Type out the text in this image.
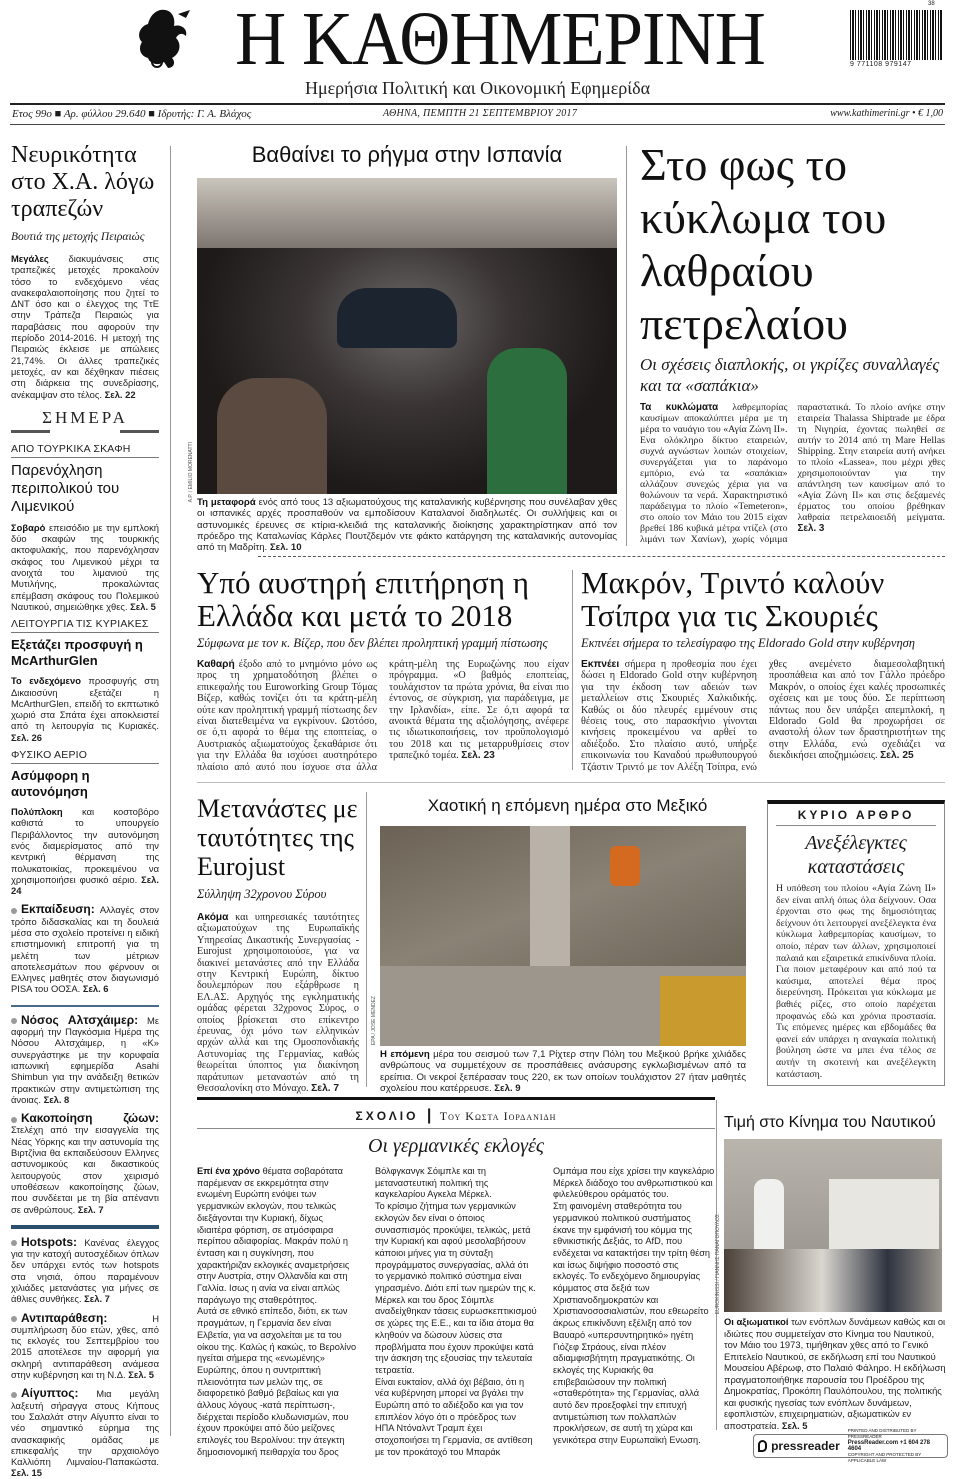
Η ΚΑΘΗΜΕΡΙΝΗ	38
9 771108 979147
Ημερήσια Πολιτική και Οικονομική Εφημερίδα
Ετος 99ο ■ Αρ. φύλλου 29.640 ■ Ιδρυτής: Γ. Α. Βλάχος	ΑΘΗΝΑ, ΠΕΜΠΤΗ 21 ΣΕΠΤΕΜΒΡΙΟΥ 2017	www.kathimerini.gr • € 1,00
Νευρικότητα στο Χ.Α. λόγω τραπεζών
Βουτιά της μετοχής Πειραιώς

Μεγάλες διακυμάνσεις στις τραπεζικές μετοχές προκαλούν τόσο το ενδεχόμενο νέας ανακεφαλαιοποίησης που ζητεί το ΔΝΤ όσο και ο έλεγχος της ΤτΕ στην Τράπεζα Πειραιώς για παραβάσεις που αφορούν την περίοδο 2014-2016. Η μετοχή της Πειραιώς έκλεισε με απώλειες 21,74%. Οι άλλες τραπεζικές μετοχές, αν και δέχθηκαν πιέσεις στη διάρκεια της συνεδρίασης, ανέκαμψαν στο τέλος. Σελ. 22

ΣΗΜΕΡΑ
ΑΠΟ ΤΟΥΡΚΙΚΑ ΣΚΑΦΗ
Παρενόχληση περιπολικού του Λιμενικού

Σοβαρό επεισόδιο με την εμπλοκή δύο σκαφών της τουρκικής ακτοφυλακής, που παρενόχλησαν σκάφος του Λιμενικού μέχρι τα ανοιχτά του λιμανιού της Μυτιλήνης, προκαλώντας επέμβαση σκάφους του Πολεμικού Ναυτικού, σημειώθηκε χθες. Σελ. 5

ΛΕΙΤΟΥΡΓΙΑ ΤΙΣ ΚΥΡΙΑΚΕΣ
Εξετάζει προσφυγή η McArthurGlen

Το ενδεχόμενο προσφυγής στη Δικαιοσύνη εξετάζει η McArthurGlen, επειδή το εκπτωτικό χωριό στα Σπάτα έχει αποκλειστεί από τη λειτουργία τις Κυριακές. Σελ. 26

ΦΥΣΙΚΟ ΑΕΡΙΟ
Ασύμφορη η αυτονόμηση

Πολύπλοκη και κοστοβόρο καθιστά το υπουργείο Περιβάλλοντος την αυτονόμηση ενός διαμερίσματος από την κεντρική θέρμανση της πολυκατοικίας, προκειμένου να χρησιμοποιήσει φυσικό αέριο. Σελ. 24

Εκπαίδευση: Αλλαγές στον τρόπο διδασκαλίας και τη δουλειά μέσα στο σχολείο προτείνει η ειδική επιστημονική επιτροπή για τη μελέτη των μέτριων αποτελεσμάτων που φέρνουν οι Ελληνες μαθητές στον διαγωνισμό PISA του ΟΟΣΑ. Σελ. 6

Νόσος Αλτσχάιμερ: Με αφορμή την Παγκόσμια Ημέρα της Νόσου Αλτσχάιμερ, η «Κ» συνεργάστηκε με την κορυφαία ιαπωνική εφημερίδα Asahi Shimbun για την ανάδειξη θετικών πρακτικών στην αντιμετώπιση της άνοιας. Σελ. 8

Κακοποίηση ζώων: Στελέχη από την εισαγγελία της Νέας Υόρκης και την αστυνομία της Βιρτζίνια θα εκπαιδεύσουν Ελληνες αστυνομικούς και δικαστικούς λειτουργούς στον χειρισμό υποθέσεων κακοποίησης ζώων, που συνδέεται με τη βία απέναντι σε ανθρώπους. Σελ. 7

Hotspots: Κανένας έλεγχος για την κατοχή αυτοσχέδιων όπλων δεν υπάρχει εντός των hotspots στα νησιά, όπου παραμένουν χιλιάδες μετανάστες για μήνες σε άθλιες συνθήκες. Σελ. 7

Αντιπαράθεση: Η συμπλήρωση δύο ετών, χθες, από τις εκλογές του Σεπτεμβρίου του 2015 αποτέλεσε την αφορμή για σκληρή αντιπαράθεση ανάμεσα στην κυβέρνηση και τη Ν.Δ. Σελ. 5

Αίγυπτος: Μια μεγάλη λαξευτή σήραγγα στους Κήπους του Σαλαλάτ στην Αίγυπτο είναι το νέο σημαντικό εύρημα της ανασκαφικής ομάδας με επικεφαλής την αρχαιολόγο Καλλιόπη Λιμναίου-Παπακώστα. Σελ. 15

Βαθαίνει το ρήγμα στην Ισπανία
A.P. / EMILIO MORENATTI

Τη μεταφορά ενός από τους 13 αξιωματούχους της καταλανικής κυβέρνησης που συνέλαβαν χθες οι ισπανικές αρχές προσπαθούν να εμποδίσουν Καταλανοί διαδηλωτές. Οι συλλήψεις και οι αστυνομικές έρευνες σε κτίρια-κλειδιά της καταλανικής διοίκησης χαρακτηρίστηκαν από τον πρόεδρο της Καταλωνίας Κάρλες Πουτζδεμόν ντε φάκτο κατάργηση της καταλανικής αυτονομίας από τη Μαδρίτη. Σελ. 10

Στο φως το κύκλωμα του λαθραίου πετρελαίου
Οι σχέσεις διαπλοκής, οι γκρίζες συναλλαγές και τα «σαπάκια»

Τα κυκλώματα λαθρεμπορίας καυσίμων αποκαλύπτει μέρα με τη μέρα το ναυάγιο του «Αγία Ζώνη ΙΙ». Ενα ολόκληρο δίκτυο εταιρειών, συχνά αγνώστων λοιπών στοιχείων, συνεργάζεται για το παράνομο εμπόριο, ενώ τα «σαπάκια» αλλάζουν συνεχώς χέρια για να θολώνουν τα νερά. Χαρακτηριστικό παράδειγμα το πλοίο «Temeteron», στο οποίο τον Μάιο του 2015 είχαν βρεθεί 186 κυβικά μέτρα ντίζελ (στο λιμάνι των Χανίων), χωρίς νόμιμα παραστατικά. Το πλοίο ανήκε στην εταιρεία Thalassa Shiptrade με έδρα τη Νιγηρία, έχοντας πωληθεί σε αυτήν το 2014 από τη Mare Hellas Shipping. Στην εταιρεία αυτή ανήκει το πλοίο «Lassea», που μέχρι χθες χρησιμοποιούνταν για την απάντληση των καυσίμων από το «Αγία Ζώνη ΙΙ» και στις δεξαμενές έρματος του οποίου βρέθηκαν λαθραία πετρελαιοειδή μείγματα. Σελ. 3

Υπό αυστηρή επιτήρηση η Ελλάδα και μετά το 2018
Σύμφωνα με τον κ. Βίζερ, που δεν βλέπει προληπτική γραμμή πίστωσης

Καθαρή έξοδο από το μνημόνιο μόνο ως προς τη χρηματοδότηση βλέπει ο επικεφαλής του Euroworking Group Τόμας Βίζερ, καθώς τονίζει ότι τα κράτη-μέλη ούτε καν προληπτική γραμμή πίστωσης δεν είναι διατεθειμένα να εγκρίνουν. Ωστόσο, σε ό,τι αφορά το θέμα της εποπτείας, ο Αυστριακός αξιωματούχος ξεκαθάρισε ότι για την Ελλάδα θα ισχύσει αυστηρότερο πλαίσιο από αυτό που ίσχυσε στα άλλα κράτη-μέλη της Ευρωζώνης που είχαν πρόγραμμα. «Ο βαθμός εποπτείας, τουλάχιστον τα πρώτα χρόνια, θα είναι πιο έντονος, σε σύγκριση, για παράδειγμα, με την Ιρλανδία», είπε. Σε ό,τι αφορά τα ανοικτά θέματα της αξιολόγησης, ανέφερε τις ιδιωτικοποιήσεις, τον προϋπολογισμό του 2018 και τις μεταρρυθμίσεις στον τραπεζικό τομέα. Σελ. 23

Μακρόν, Τριντό καλούν Τσίπρα για τις Σκουριές
Εκπνέει σήμερα το τελεσίγραφο της Eldorado Gold στην κυβέρνηση

Εκπνέει σήμερα η προθεσμία που έχει δώσει η Eldorado Gold στην κυβέρνηση για την έκδοση των αδειών των μεταλλείων στις Σκουριές Χαλκιδικής. Καθώς οι δύο πλευρές εμμένουν στις θέσεις τους, στο παρασκήνιο γίνονται κινήσεις προκειμένου να αρθεί το αδιέξοδο. Στο πλαίσιο αυτό, υπήρξε επικοινωνία του Καναδού πρωθυπουργού Τζάστιν Τριντό με τον Αλέξη Τσίπρα, ενώ χθες ανεμένετο διαμεσολαβητική προσπάθεια και από τον Γάλλο πρόεδρο Μακρόν, ο οποίος έχει καλές προσωπικές σχέσεις και με τους δύο. Σε περίπτωση πάντως που δεν υπάρξει απεμπλοκή, η Eldorado Gold θα προχωρήσει σε αναστολή όλων των δραστηριοτήτων της στην Ελλάδα, ενώ σχεδιάζει να διεκδικήσει αποζημιώσεις. Σελ. 25

Μετανάστες με ταυτότητες της Eurojust
Σύλληψη 32χρονου Σύρου

Ακόμα και υπηρεσιακές ταυτότητες αξιωματούχων της Ευρωπαϊκής Υπηρεσίας Δικαστικής Συνεργασίας - Eurojust χρησιμοποιούσε, για να διακινεί μετανάστες από την Ελλάδα στην Κεντρική Ευρώπη, δίκτυο δουλεμπόρων που εξάρθρωσε η ΕΛ.ΑΣ. Αρχηγός της εγκληματικής ομάδας φέρεται 32χρονος Σύρος, ο οποίος βρίσκεται στο επίκεντρο έρευνας, όχι μόνο των ελληνικών αρχών αλλά και της Ομοσπονδιακής Αστυνομίας της Γερμανίας, καθώς θεωρείται ύποπτος για διακίνηση παράτυπων μεταναστών από τη Θεσσαλονίκη στο Μόναχο. Σελ. 7

Χαοτική η επόμενη ημέρα στο Μεξικό
EPA / JOSE MENDEZ

Η επόμενη μέρα του σεισμού των 7,1 Ρίχτερ στην Πόλη του Μεξικού βρήκε χιλιάδες ανθρώπους να συμμετέχουν σε προσπάθειες ανάσυρσης εγκλωβισμένων από τα ερείπια. Οι νεκροί ξεπέρασαν τους 220, εκ των οποίων τουλάχιστον 27 ήταν μαθητές σχολείου που κατέρρευσε. Σελ. 9

ΚΥΡΙΟ ΑΡΘΡΟ
Ανεξέλεγκτες καταστάσεις

Η υπόθεση του πλοίου «Αγία Ζώνη ΙΙ» δεν είναι απλή όπως όλα δείχνουν. Οσα έρχονται στο φως της δημοσιότητας δείχνουν ότι λειτουργεί ανεξέλεγκτα ένα κύκλωμα λαθρεμπορίας καυσίμων, το οποίο, πέραν των άλλων, χρησιμοποιεί παλαιά και εξαιρετικά επικίνδυνα πλοία. Για ποιον μεταφέρουν και από πού τα καύσιμα, αποτελεί θέμα προς διερεύνηση. Πρόκειται για κύκλωμα με βαθιές ρίζες, στο οποίο παρέχεται προφανώς εδώ και χρόνια προστασία. Τις επόμενες ημέρες και εβδομάδες θα φανεί εάν υπάρχει η αναγκαία πολιτική βούληση ώστε να μπει ένα τέλος σε αυτήν τη σκοτεινή και ανεξέλεγκτη κατάσταση.

ΣΧΟΛΙΟ | Του Κωστα Ιορδανιδη
Οι γερμανικές εκλογές

Επί ένα χρόνο θέματα σοβαρότατα παρέμεναν σε εκκρεμότητα στην ενωμένη Ευρώπη ενόψει των γερμανικών εκλογών, που τελικώς διεξάγονται την Κυριακή, δίχως ιδιαιτέρα φόρτιση, σε ατμόσφαιρα περίπου αδιαφορίας. Μακράν πολύ η ένταση και η συγκίνηση, που χαρακτήριζαν εκλογικές αναμετρήσεις στην Αυστρία, στην Ολλανδία και στη Γαλλία. Ισως η ανία να είναι απλώς παράγωγο της σταθερότητος.

Αυτά σε εθνικό επίπεδο, διότι, εκ των πραγμάτων, η Γερμανία δεν είναι Ελβετία, για να ασχολείται με τα του οίκου της. Καλώς ή κακώς, το Βερολίνο ηγείται σήμερα της «ενωμένης» Ευρώπης, όπου η συντριπτική πλειονότητα των μελών της, σε διαφορετικό βαθμό βεβαίως και για άλλους λόγους -κατά περίπτωση-, διέρχεται περίοδο κλυδωνισμών, που έχουν προκύψει από δύο μείζονες επιλογές του Βερολίνου: την άτεγκτη δημοσιονομική πειθαρχία του δρος Βόλφγκανγκ Σόιμπλε και τη μεταναστευτική πολιτική της καγκελαρίου Αγκελα Μέρκελ.

Το κρίσιμο ζήτημα των γερμανικών εκλογών δεν είναι ο όποιος συνασπισμός προκύψει, τελικώς, μετά την Κυριακή και αφού μεσολαβήσουν κάποιοι μήνες για τη σύνταξη προγράμματος συνεργασίας, αλλά ότι το γερμανικό πολιτικό σύστημα είναι γηρασμένο. Διότι επί των ημερών της κ. Μέρκελ και του δρος Σόιμπλε αναδείχθηκαν τάσεις ευρωσκεπτικισμού σε χώρες της Ε.Ε., και τα ίδια άτομα θα κληθούν να δώσουν λύσεις στα προβλήματα που έχουν προκύψει κατά την άσκηση της εξουσίας την τελευταία τετραετία.

Είναι ευκταίον, αλλά όχι βέβαιο, ότι η νέα κυβέρνηση μπορεί να βγάλει την Ευρώπη από το αδιέξοδο και για τον επιπλέον λόγο ότι ο πρόεδρος των ΗΠΑ Ντόναλντ Τραμπ έχει στοχοποιήσει τη Γερμανία, σε αντίθεση με τον προκάτοχό του Μπαράκ Ομπάμα που είχε χρίσει την καγκελάριο Μέρκελ διάδοχο του ανθρωπιστικού και φιλελεύθερου οράματός του.

Στη φαινομένη σταθερότητα του γερμανικού πολιτικού συστήματος έκανε την εμφάνισή του κόμμα της εθνικιστικής Δεξιάς, το AfD, που ενδέχεται να κατακτήσει την τρίτη θέση και ίσως διψήφιο ποσοστό στις εκλογές. Το ενδεχόμενο δημιουργίας κόμματος στα δεξιά των Χριστιανοδημοκρατών και Χριστιανοσοσιαλιστών, που εθεωρείτο άκρως επικίνδυνη εξέλιξη από τον Βαυαρό «υπερσυντηρητικό» ηγέτη Γιόζεφ Στράους, είναι πλέον αδιαμφισβήτητη πραγματικότης. Οι εκλογές της Κυριακής θα επιβεβαιώσουν την πολιτική «σταθερότητα» της Γερμανίας, αλλά αυτό δεν προεξοφλεί την επιτυχή αντιμετώπιση των πολλαπλών προκλήσεων, σε αυτή τη χώρα και γενικότερα στην Ευρωπαϊκή Ενωση.

Τιμή στο Κίνημα του Ναυτικού
EUROKINISSI / ΓΙΑΝΝΗΣ ΠΑΝΑΓΟΠΟΥΛΟΣ

Οι αξιωματικοί των ενόπλων δυνάμεων καθώς και οι ιδιώτες που συμμετείχαν στο Κίνημα του Ναυτικού, τον Μάιο του 1973, τιμήθηκαν χθες από το Γενικό Επιτελείο Ναυτικού, σε εκδήλωση επί του Ναυτικού Μουσείου Αβέρωφ, στο Παλαιό Φάληρο. Η εκδήλωση πραγματοποιήθηκε παρουσία του Προέδρου της Δημοκρατίας, Προκόπη Παυλόπουλου, της πολιτικής και φυσικής ηγεσίας των ενόπλων δυνάμεων, εφοπλιστών, επιχειρηματιών, αξιωματικών εν αποστρατεία. Σελ. 5

pressreader
PRINTED AND DISTRIBUTED BY PRESSREADER
PressReader.com +1 604 278 4604
COPYRIGHT AND PROTECTED BY APPLICABLE LAW
